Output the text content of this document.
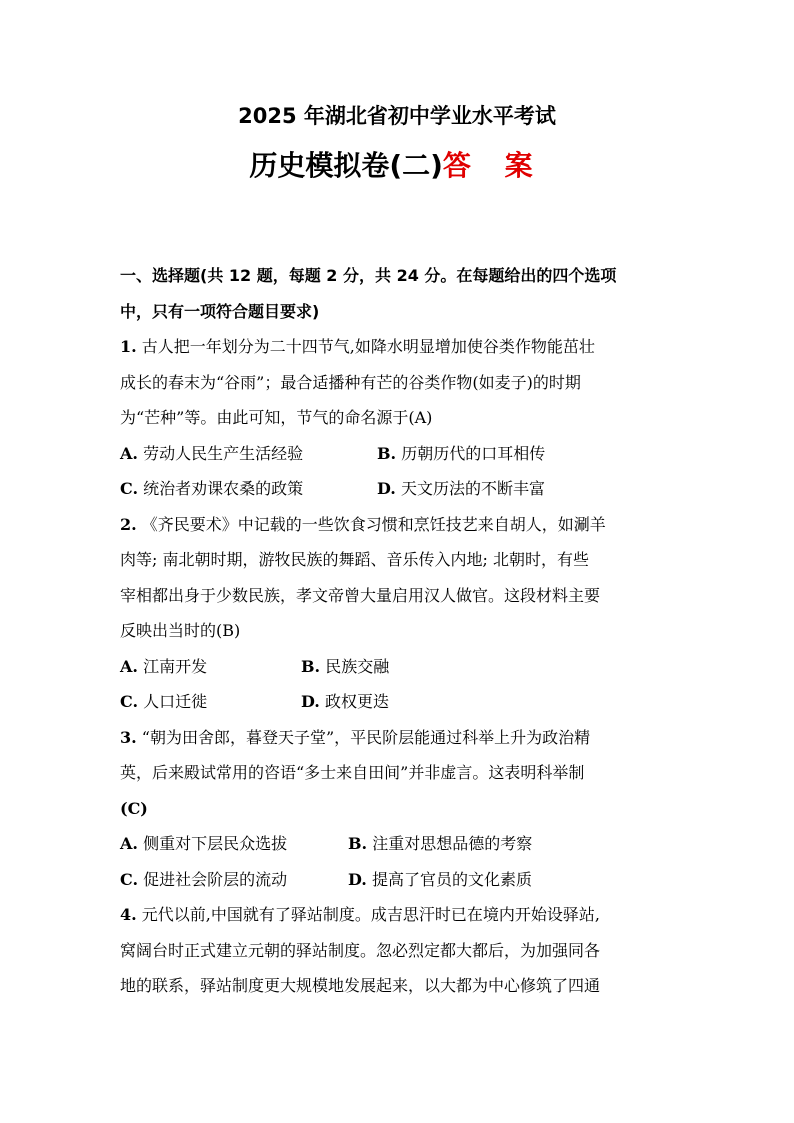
2025 年湖北省初中学业水平考试
历史模拟卷(二)答 案

一、选择题(共 12 题，每题 2 分，共 24 分。在每题给出的四个选项

中，只有一项符合题目要求)

1. 古人把一年划分为二十四节气,如降水明显增加使谷类作物能茁壮

成长的春末为“谷雨”；最合适播种有芒的谷类作物(如麦子)的时期

为“芒种”等。由此可知，节气的命名源于(A)

A. 劳动人民生产生活经验	B. 历朝历代的口耳相传
C. 统治者劝课农桑的政策	D. 天文历法的不断丰富

2. 《齐民要术》中记载的一些饮食习惯和烹饪技艺来自胡人，如涮羊

肉等; 南北朝时期，游牧民族的舞蹈、音乐传入内地; 北朝时，有些

宰相都出身于少数民族，孝文帝曾大量启用汉人做官。这段材料主要

反映出当时的(B)

A. 江南开发	B. 民族交融
C. 人口迁徙	D. 政权更迭

3. “朝为田舍郎，暮登天子堂”，平民阶层能通过科举上升为政治精

英，后来殿试常用的咨语“多士来自田间”并非虚言。这表明科举制

(C)

A. 侧重对下层民众选拔	B. 注重对思想品德的考察
C. 促进社会阶层的流动	D. 提高了官员的文化素质

4. 元代以前,中国就有了驿站制度。成吉思汗时已在境内开始设驿站,

窝阔台时正式建立元朝的驿站制度。忽必烈定都大都后，为加强同各

地的联系，驿站制度更大规模地发展起来，以大都为中心修筑了四通
